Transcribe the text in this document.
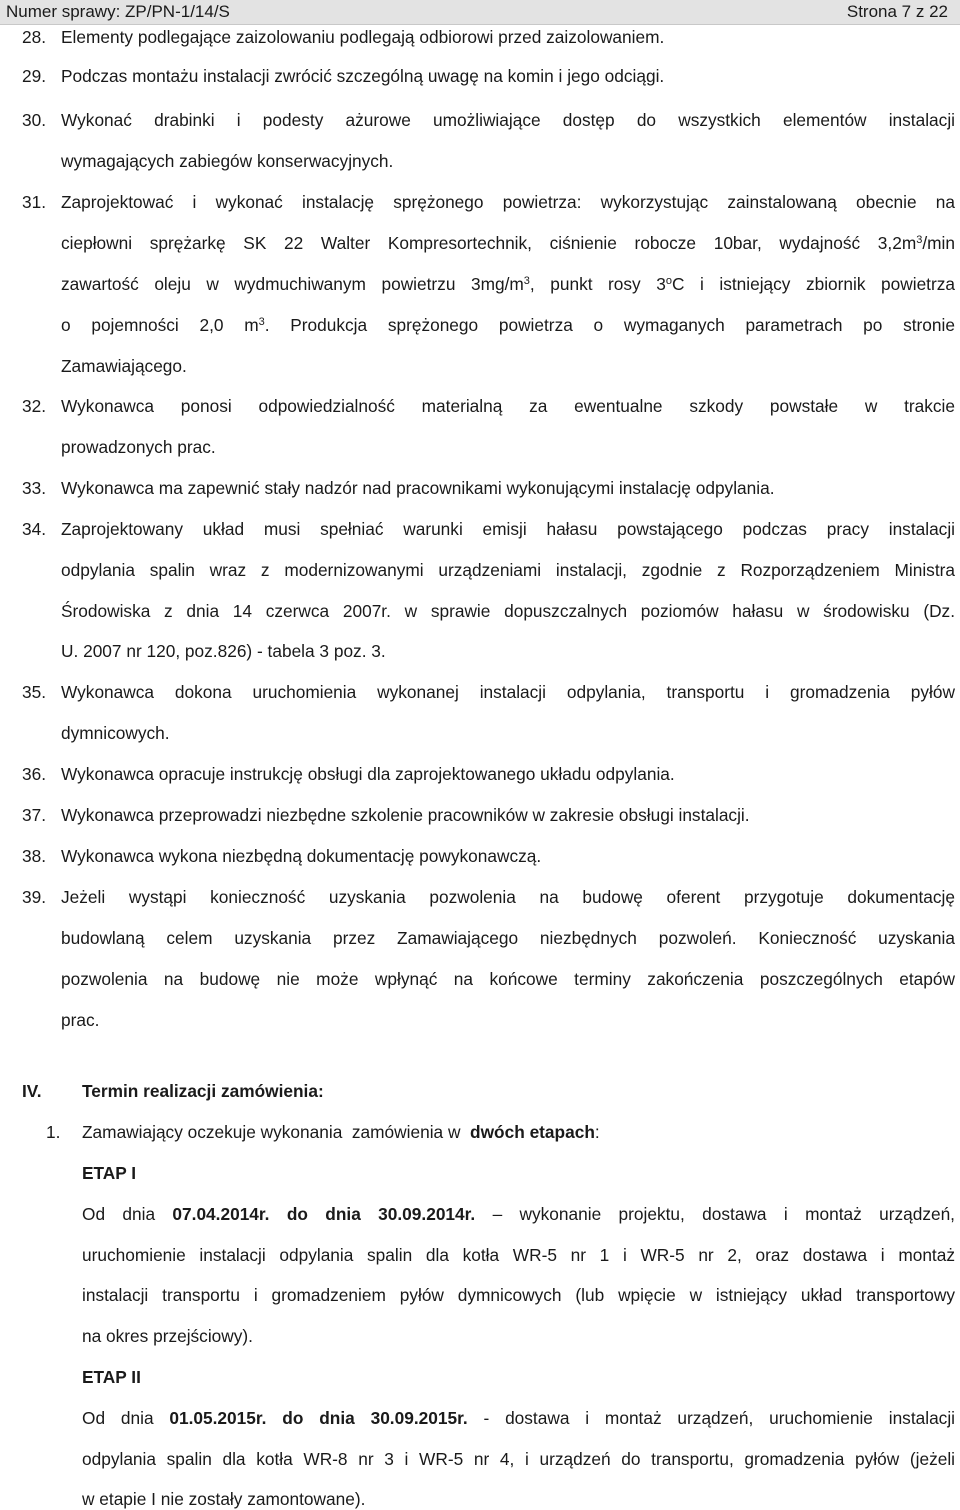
Numer sprawy: ZP/PN-1/14/S	Strona 7 z 22
28. Elementy podlegające zaizolowaniu podlegają odbiorowi przed zaizolowaniem.
29. Podczas montażu instalacji zwrócić szczególną uwagę na komin i jego odciągi.
30. Wykonać drabinki i podesty ażurowe umożliwiające dostęp do wszystkich elementów instalacji
wymagających zabiegów konserwacyjnych.
31. Zaprojektować i wykonać instalację sprężonego powietrza: wykorzystując zainstalowaną obecnie na
ciepłowni sprężarkę SK 22 Walter Kompresortechnik, ciśnienie robocze 10bar, wydajność $3,2m^3/\min$
zawartość oleju w wydmuchiwanym powietrzu $3mg/m^3$, punkt rosy 3$^o$C i istniejący zbiornik powietrza
o pojemności 2,0 $m^3$. Produkcja sprężonego powietrza o wymaganych parametrach po stronie
Zamawiającego.
32. Wykonawca ponosi odpowiedzialność materialną za ewentualne szkody powstałe w trakcie
prowadzonych prac.
33. Wykonawca ma zapewnić stały nadzór nad pracownikami wykonującymi instalację odpylania.
34. Zaprojektowany układ musi spełniać warunki emisji hałasu powstającego podczas pracy instalacji
odpylania spalin wraz z modernizowanymi urządzeniami instalacji, zgodnie z Rozporządzeniem Ministra
Środowiska z dnia 14 czerwca 2007r. w sprawie dopuszczalnych poziomów hałasu w środowisku (Dz.
U. 2007 nr 120, poz.826) - tabela 3 poz. 3.
35. Wykonawca dokona uruchomienia wykonanej instalacji odpylania, transportu i gromadzenia pyłów
dymnicowych.
36. Wykonawca opracuje instrukcję obsługi dla zaprojektowanego układu odpylania.
37. Wykonawca przeprowadzi niezbędne szkolenie pracowników w zakresie obsługi instalacji.
38. Wykonawca wykona niezbędną dokumentację powykonawczą.
39. Jeżeli wystąpi konieczność uzyskania pozwolenia na budowę oferent przygotuje dokumentację
budowlaną celem uzyskania przez Zamawiającego niezbędnych pozwoleń. Konieczność uzyskania
pozwolenia na budowę nie może wpłynąć na końcowe terminy zakończenia poszczególnych etapów
prac.
IV. Termin realizacji zamówienia:
1. Zamawiający oczekuje wykonania  zamówienia w  dwóch etapach:
ETAP I
Od  dnia  07.04.2014r.  do  dnia  30.09.2014r.  –  wykonanie  projektu,  dostawa  i  montaż  urządzeń,
uruchomienie instalacji odpylania spalin dla kotła WR-5 nr 1 i WR-5 nr 2, oraz dostawa i montaż
instalacji transportu i gromadzeniem pyłów dymnicowych (lub wpięcie w istniejący układ transportowy
na okres przejściowy).
ETAP II
Od  dnia  01.05.2015r.  do  dnia  30.09.2015r.  -  dostawa  i  montaż  urządzeń,  uruchomienie  instalacji
odpylania spalin dla kotła WR-8 nr 3 i WR-5 nr 4, i urządzeń do transportu, gromadzenia pyłów (jeżeli
w etapie I nie zostały zamontowane).
